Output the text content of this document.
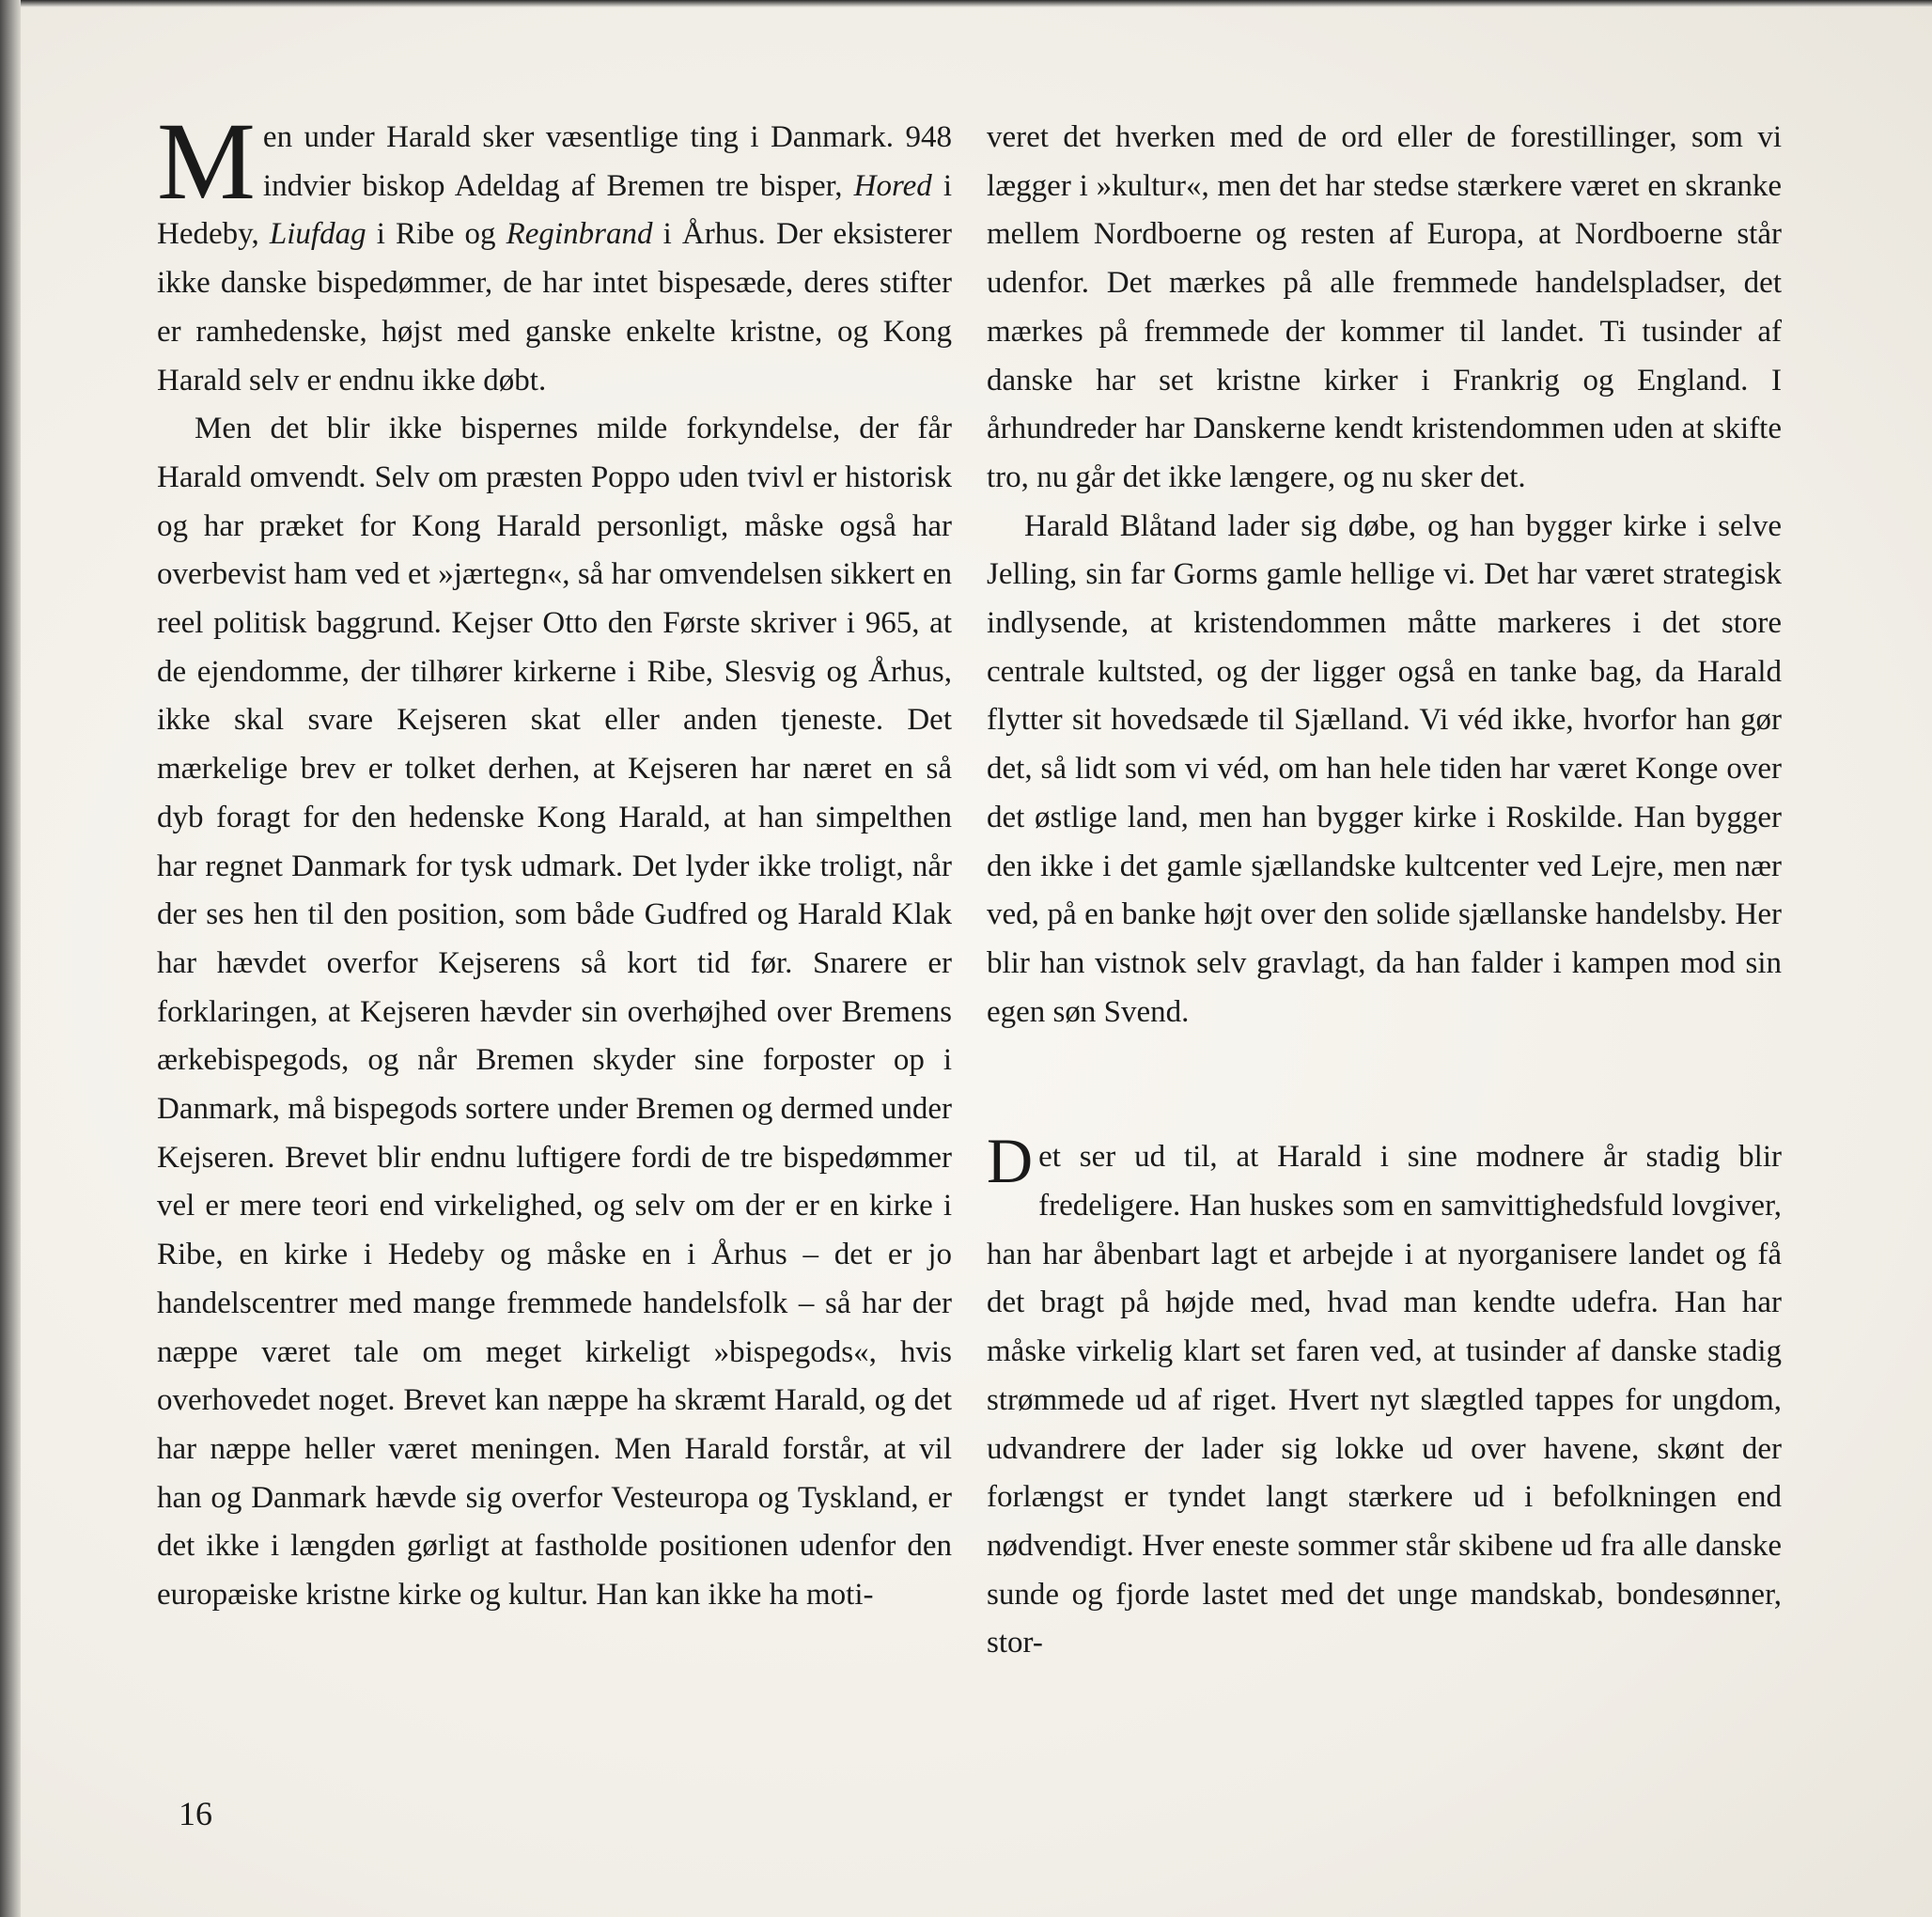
Men under Harald sker væsentlige ting i Danmark. 948 indvier biskop Adeldag af Bremen tre bisper, Hored i Hedeby, Liufdag i Ribe og Reginbrand i Århus. Der eksisterer ikke danske bispedømmer, de har intet bispesæde, deres stifter er ramhedenske, højst med ganske enkelte kristne, og Kong Harald selv er endnu ikke døbt.

Men det blir ikke bispernes milde forkyndelse, der får Harald omvendt. Selv om præsten Poppo uden tvivl er historisk og har præket for Kong Harald personligt, måske også har overbevist ham ved et »jærtegn«, så har omvendelsen sikkert en reel politisk baggrund. Kejser Otto den Første skriver i 965, at de ejendomme, der tilhører kirkerne i Ribe, Slesvig og Århus, ikke skal svare Kejseren skat eller anden tjeneste. Det mærkelige brev er tolket derhen, at Kejseren har næret en så dyb foragt for den hedenske Kong Harald, at han simpelthen har regnet Danmark for tysk udmark. Det lyder ikke troligt, når der ses hen til den position, som både Gudfred og Harald Klak har hævdet overfor Kejserens så kort tid før. Snarere er forklaringen, at Kejseren hævder sin overhøjhed over Bremens ærkebispegods, og når Bremen skyder sine forposter op i Danmark, må bispegods sortere under Bremen og dermed under Kejseren. Brevet blir endnu luftigere fordi de tre bispedømmer vel er mere teori end virkelighed, og selv om der er en kirke i Ribe, en kirke i Hedeby og måske en i Århus – det er jo handelscentrer med mange fremmede handelsfolk – så har der næppe været tale om meget kirkeligt »bispegods«, hvis overhovedet noget. Brevet kan næppe ha skræmt Harald, og det har næppe heller været meningen. Men Harald forstår, at vil han og Danmark hævde sig overfor Vesteuropa og Tyskland, er det ikke i længden gørligt at fastholde positionen udenfor den europæiske kristne kirke og kultur. Han kan ikke ha moti-

veret det hverken med de ord eller de forestillinger, som vi lægger i »kultur«, men det har stedse stærkere været en skranke mellem Nordboerne og resten af Europa, at Nordboerne står udenfor. Det mærkes på alle fremmede handelspladser, det mærkes på fremmede der kommer til landet. Ti tusinder af danske har set kristne kirker i Frankrig og England. I århundreder har Danskerne kendt kristendommen uden at skifte tro, nu går det ikke længere, og nu sker det.

Harald Blåtand lader sig døbe, og han bygger kirke i selve Jelling, sin far Gorms gamle hellige vi. Det har været strategisk indlysende, at kristendommen måtte markeres i det store centrale kultsted, og der ligger også en tanke bag, da Harald flytter sit hovedsæde til Sjælland. Vi véd ikke, hvorfor han gør det, så lidt som vi véd, om han hele tiden har været Konge over det østlige land, men han bygger kirke i Roskilde. Han bygger den ikke i det gamle sjællandske kultcenter ved Lejre, men nær ved, på en banke højt over den solide sjællanske handelsby. Her blir han vistnok selv gravlagt, da han falder i kampen mod sin egen søn Svend.

Det ser ud til, at Harald i sine modnere år stadig blir fredeligere. Han huskes som en samvittighedsfuld lovgiver, han har åbenbart lagt et arbejde i at nyorganisere landet og få det bragt på højde med, hvad man kendte udefra. Han har måske virkelig klart set faren ved, at tusinder af danske stadig strømmede ud af riget. Hvert nyt slægtled tappes for ungdom, udvandrere der lader sig lokke ud over havene, skønt der forlængst er tyndet langt stærkere ud i befolkningen end nødvendigt. Hver eneste sommer står skibene ud fra alle danske sunde og fjorde lastet med det unge mandskab, bondesønner, stor-

16
